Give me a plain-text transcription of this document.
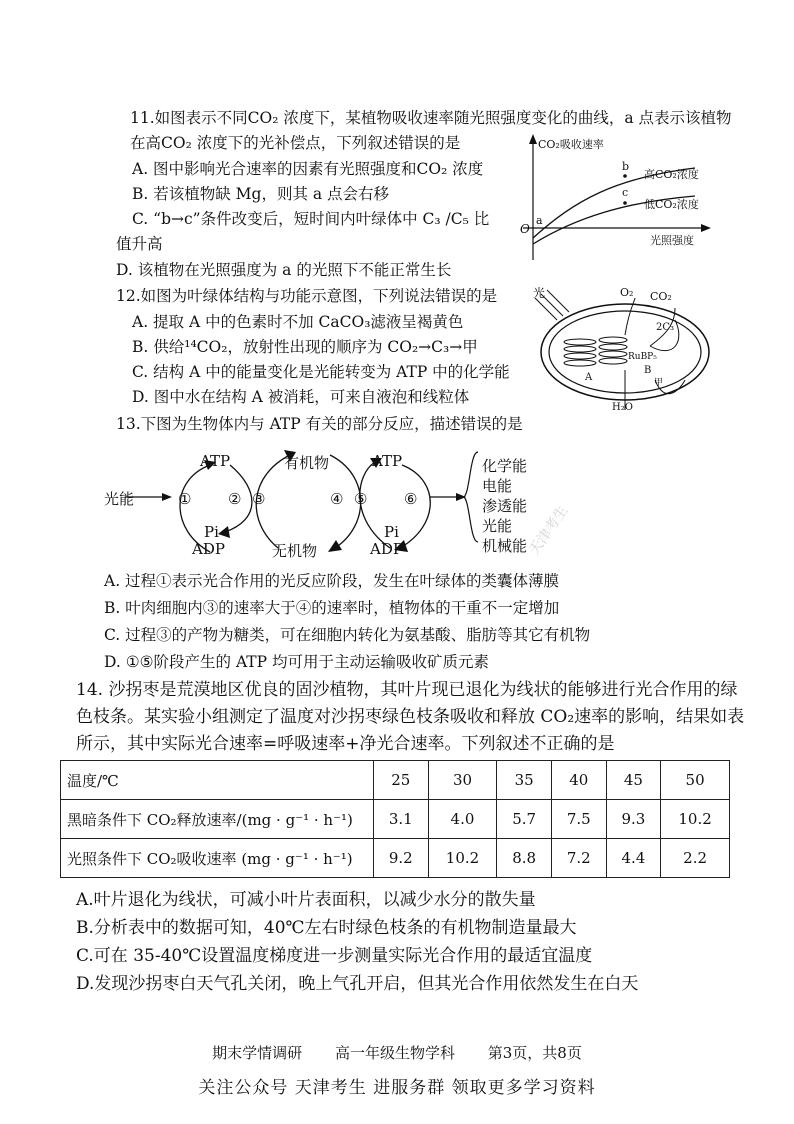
11.如图表示不同CO₂ 浓度下，某植物吸收速率随光照强度变化的曲线，a 点表示该植物
在高CO₂ 浓度下的光补偿点，下列叙述错误的是
A. 图中影响光合速率的因素有光照强度和CO₂ 浓度
B. 若该植物缺 Mg，则其 a 点会右移
C. “b→c”条件改变后，短时间内叶绿体中 C₃ /C₅ 比
值升高
D. 该植物在光照强度为 a 的光照下不能正常生长
CO₂吸收速率
光照强度
O
a
b
c
高CO₂浓度
低CO₂浓度
12.如图为叶绿体结构与功能示意图，下列说法错误的是
A. 提取 A 中的色素时不加 CaCO₃滤液呈褐黄色
B. 供给¹⁴CO₂，放射性出现的顺序为 CO₂→C₃→甲
C. 结构 A 中的能量变化是光能转变为 ATP 中的化学能
D. 图中水在结构 A 被消耗，可来自液泡和线粒体
光	O₂ CO₂
2C₃
RuBP₅
A
B
甲
H₂O
13.下图为生物体内与 ATP 有关的部分反应，描述错误的是
ATP	ATP
Pi	Pi
ADP	ADP
有机物
无机物
光能	① ② ③	④ ⑤ ⑥
化学能
电能
渗透能
光能
机械能
A. 过程①表示光合作用的光反应阶段，发生在叶绿体的类囊体薄膜
B. 叶肉细胞内③的速率大于④的速率时，植物体的干重不一定增加
C. 过程③的产物为糖类，可在细胞内转化为氨基酸、脂肪等其它有机物
D. ①⑤阶段产生的 ATP 均可用于主动运输吸收矿质元素
14. 沙拐枣是荒漠地区优良的固沙植物，其叶片现已退化为线状的能够进行光合作用的绿
色枝条。某实验小组测定了温度对沙拐枣绿色枝条吸收和释放 CO₂速率的影响，结果如表
所示，其中实际光合速率=呼吸速率+净光合速率。下列叙述不正确的是
温度/℃	25	30	35	40	45	50
黑暗条件下 CO₂释放速率/(mg · g⁻¹ · h⁻¹)	3.1	4.0	5.7	7.5	9.3	10.2
光照条件下 CO₂吸收速率 (mg · g⁻¹ · h⁻¹)	9.2	10.2	8.8	7.2	4.4	2.2
A.叶片退化为线状，可减小叶片表面积，以减少水分的散失量
B.分析表中的数据可知，40℃左右时绿色枝条的有机物制造量最大
C.可在 35-40℃设置温度梯度进一步测量实际光合作用的最适宜温度
D.发现沙拐枣白天气孔关闭，晚上气孔开启，但其光合作用依然发生在白天
天津考生
期末学情调研 高一年级生物学科 第3页，共8页
关注公众号 天津考生 进服务群 领取更多学习资料
